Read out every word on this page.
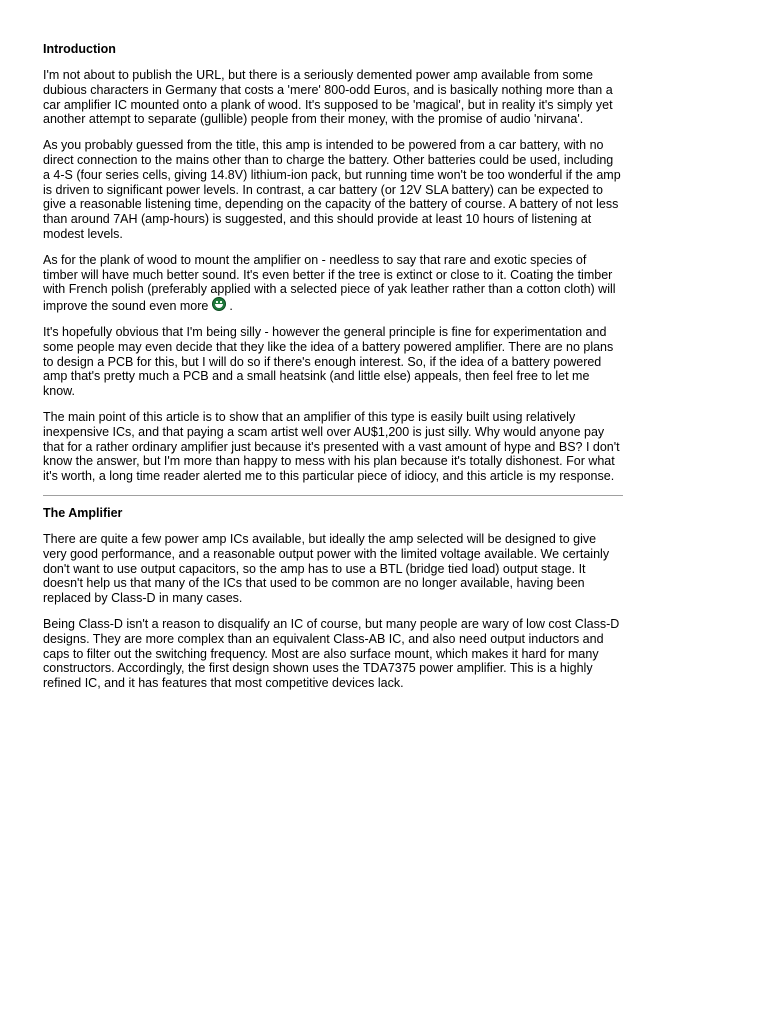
Introduction

I'm not about to publish the URL, but there is a seriously demented power amp available from some dubious characters in Germany that costs a 'mere' 800-odd Euros, and is basically nothing more than a car amplifier IC mounted onto a plank of wood. It's supposed to be 'magical', but in reality it's simply yet another attempt to separate (gullible) people from their money, with the promise of audio 'nirvana'.

As you probably guessed from the title, this amp is intended to be powered from a car battery, with no direct connection to the mains other than to charge the battery. Other batteries could be used, including a 4-S (four series cells, giving 14.8V) lithium-ion pack, but running time won't be too wonderful if the amp is driven to significant power levels. In contrast, a car battery (or 12V SLA battery) can be expected to give a reasonable listening time, depending on the capacity of the battery of course. A battery of not less than around 7AH (amp-hours) is suggested, and this should provide at least 10 hours of listening at modest levels.

As for the plank of wood to mount the amplifier on - needless to say that rare and exotic species of timber will have much better sound. It's even better if the tree is extinct or close to it. Coating the timber with French polish (preferably applied with a selected piece of yak leather rather than a cotton cloth) will improve the sound even more  .

It's hopefully obvious that I'm being silly - however the general principle is fine for experimentation and some people may even decide that they like the idea of a battery powered amplifier. There are no plans to design a PCB for this, but I will do so if there's enough interest. So, if the idea of a battery powered amp that's pretty much a PCB and a small heatsink (and little else) appeals, then feel free to let me know.

The main point of this article is to show that an amplifier of this type is easily built using relatively inexpensive ICs, and that paying a scam artist well over AU$1,200 is just silly. Why would anyone pay that for a rather ordinary amplifier just because it's presented with a vast amount of hype and BS? I don't know the answer, but I'm more than happy to mess with his plan because it's totally dishonest. For what it's worth, a long time reader alerted me to this particular piece of idiocy, and this article is my response.

The Amplifier

There are quite a few power amp ICs available, but ideally the amp selected will be designed to give very good performance, and a reasonable output power with the limited voltage available. We certainly don't want to use output capacitors, so the amp has to use a BTL (bridge tied load) output stage. It doesn't help us that many of the ICs that used to be common are no longer available, having been replaced by Class-D in many cases.

Being Class-D isn't a reason to disqualify an IC of course, but many people are wary of low cost Class-D designs. They are more complex than an equivalent Class-AB IC, and also need output inductors and caps to filter out the switching frequency. Most are also surface mount, which makes it hard for many constructors. Accordingly, the first design shown uses the TDA7375 power amplifier. This is a highly refined IC, and it has features that most competitive devices lack.
